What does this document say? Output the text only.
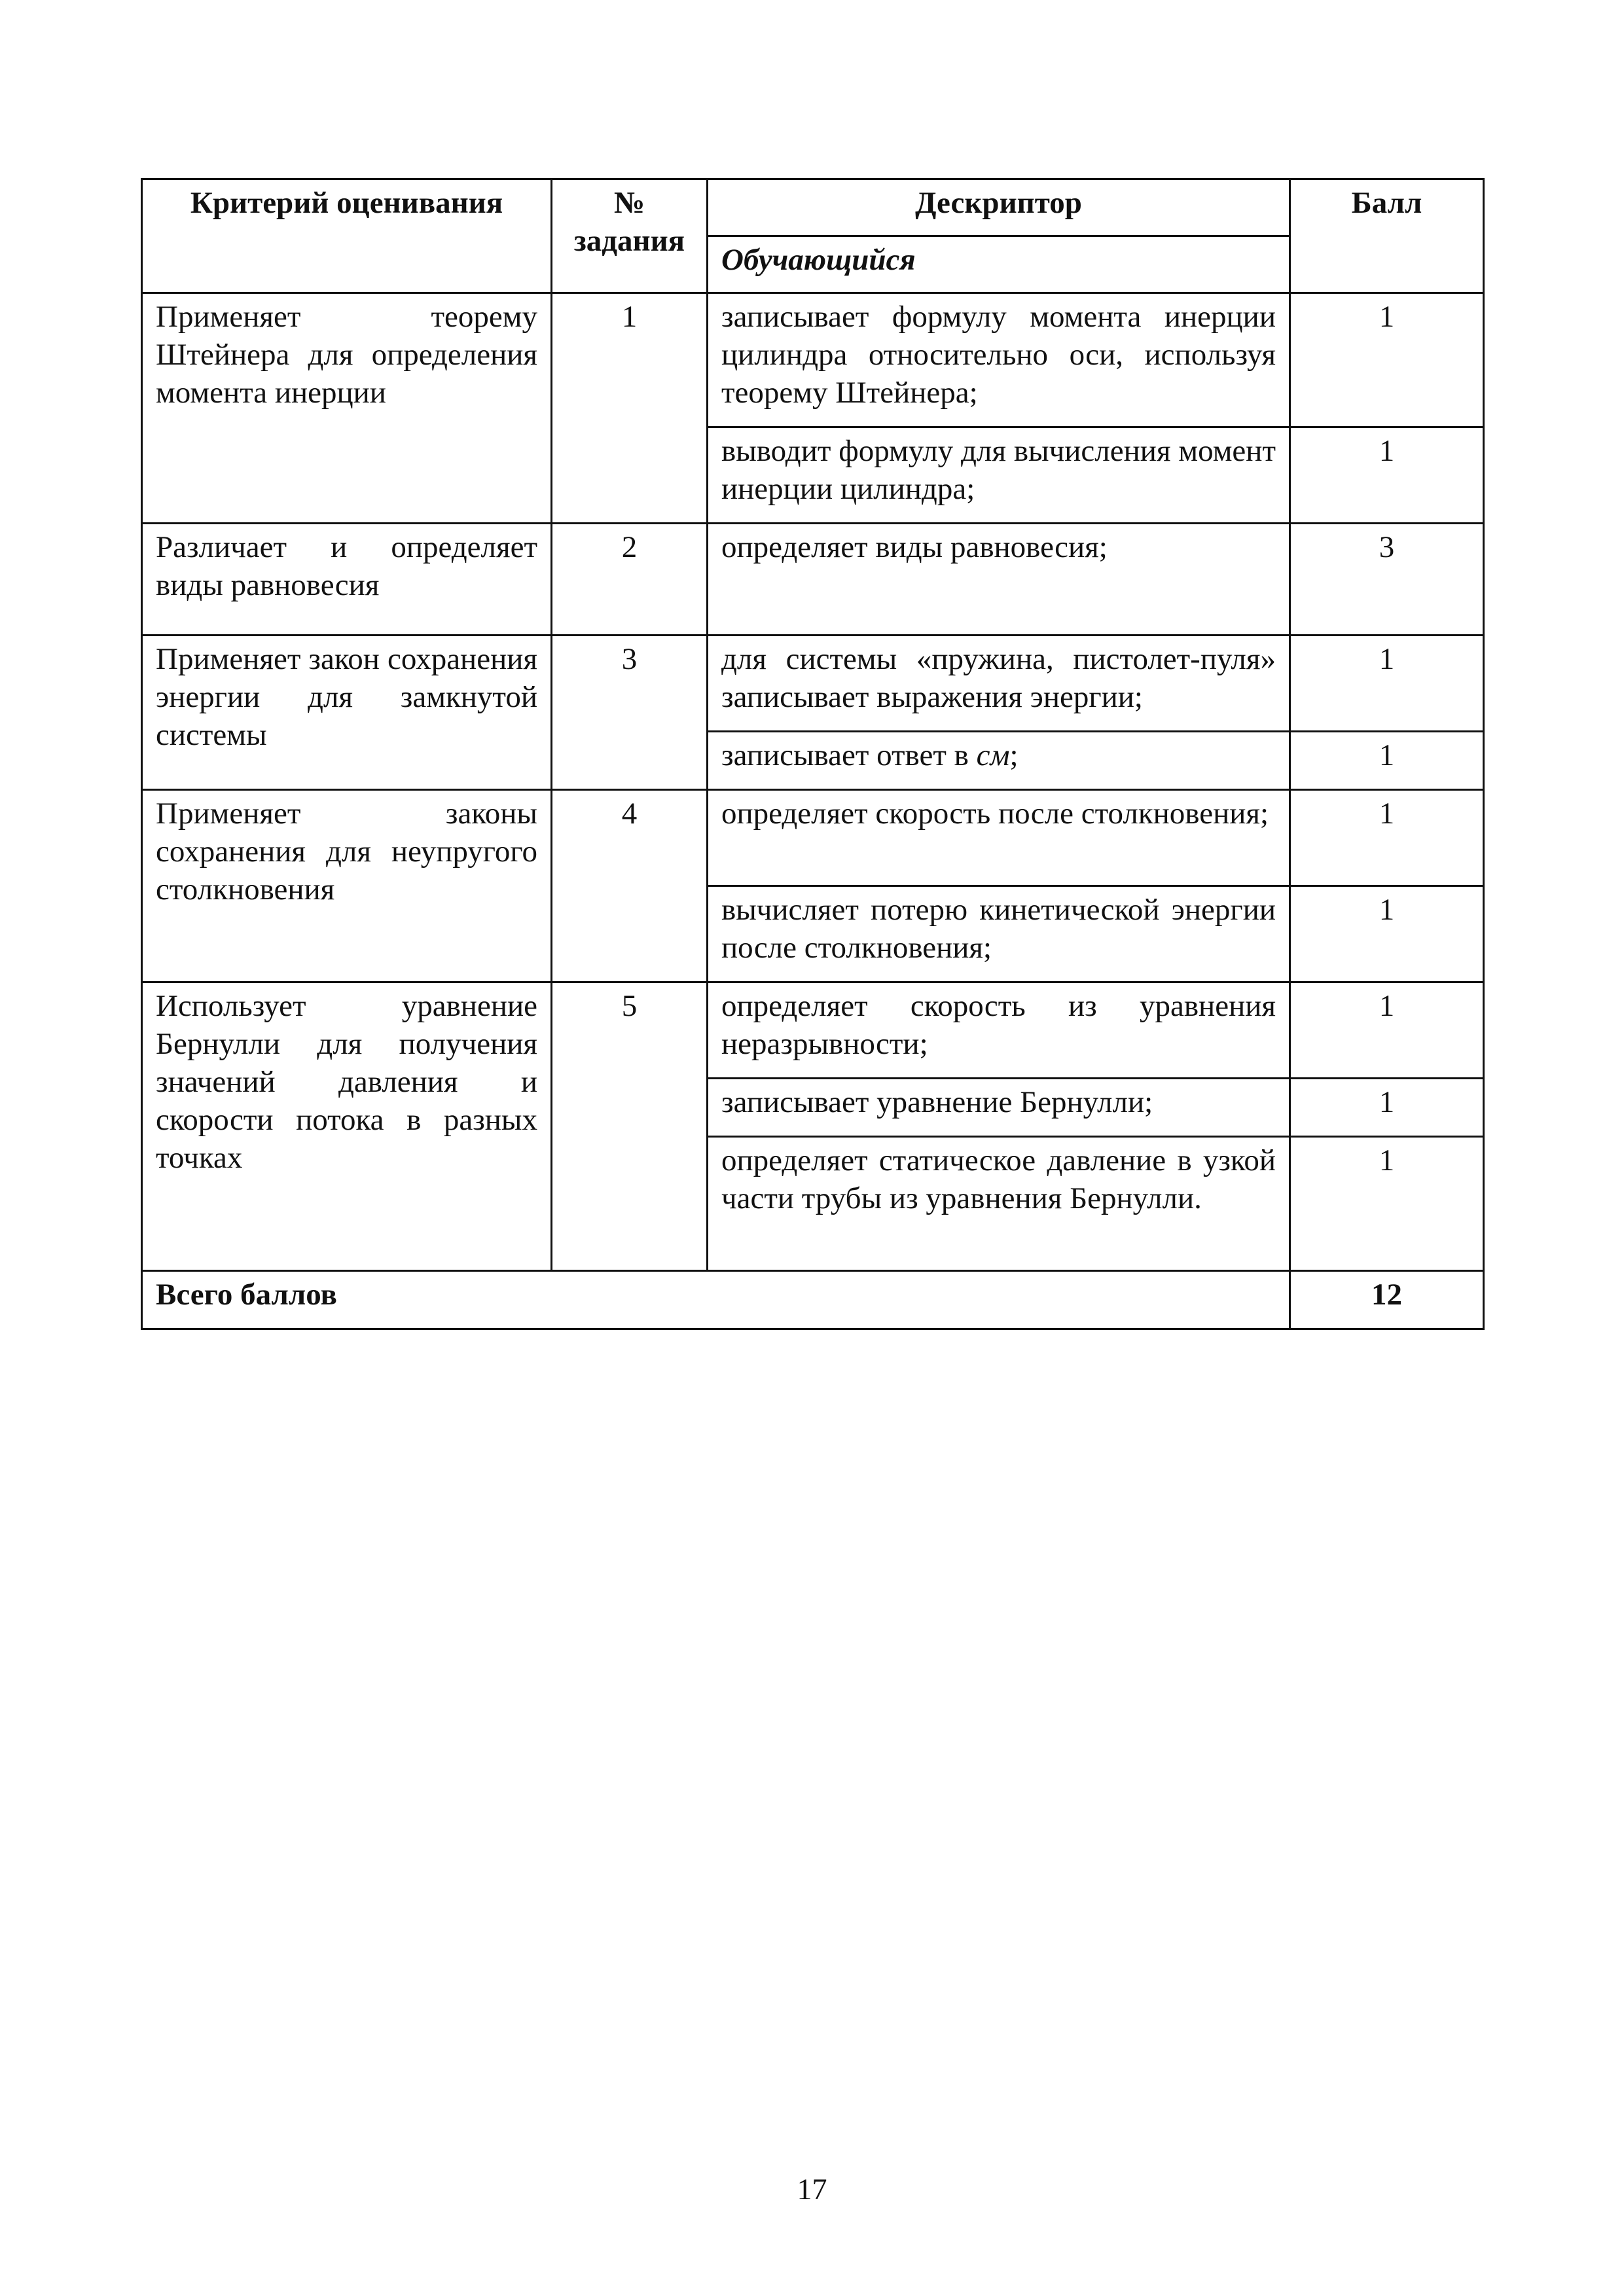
Критерий оценивания	№ задания	Дескриптор	Балл
		Обучающийся	
Применяет теорему Штейнера для определения момента инерции	1	записывает формулу момента инерции цилиндра относительно оси, используя теорему Штейнера;	1
		выводит формулу для вычисления момент инерции цилиндра;	1
Различает и определяет виды равновесия	2	определяет виды равновесия;	3
Применяет закон сохранения энергии для замкнутой системы	3	для системы «пружина, пистолет-пуля» записывает выражения энергии;	1
		записывает ответ в см;	1
Применяет законы сохранения для неупругого столкновения	4	определяет скорость после столкновения;	1
		вычисляет потерю кинетической энергии после столкновения;	1
Использует уравнение Бернулли для получения значений давления и скорости потока в разных точках	5	определяет скорость из уравнения неразрывности;	1
		записывает уравнение Бернулли;	1
		определяет статическое давление в узкой части трубы из уравнения Бернулли.	1
Всего баллов			12
17
